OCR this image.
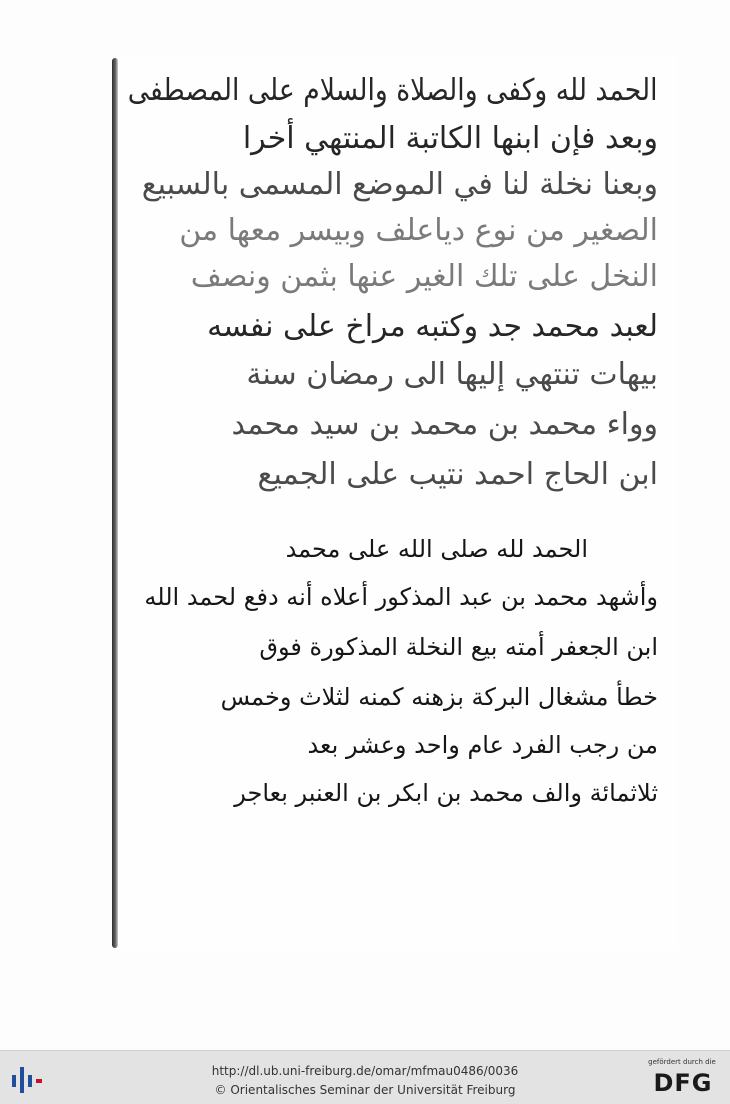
الحمد لله وكفى والصلاة والسلام على المصطفى
وبعد فإن ابنها الكاتبة المنتهي أخرا
وبعنا نخلة لنا في الموضع المسمى بالسبيع
الصغير من نوع دياعلف وبيسر معها من
النخل على تلك الغير عنها بثمن ونصف
لعبد محمد جد وكتبه مراخ على نفسه
بيهات تنتهي إليها الى رمضان سنة
وواء محمد بن محمد بن سيد محمد
ابن الحاج احمد نتيب على الجميع
الحمد لله صلى الله على محمد
وأشهد محمد بن عبد المذكور أعلاه أنه دفع لحمد الله
ابن الجعفر أمته بيع النخلة المذكورة فوق
خطأ مشغال البركة بزهنه كمنه لثلاث وخمس
من رجب الفرد عام واحد وعشر بعد
ثلاثمائة والف محمد بن ابكر بن العنبر بعاجر
http://dl.ub.uni-freiburg.de/omar/mfmau0486/0036
© Orientalisches Seminar der Universität Freiburg
gefördert durch die
DFG
